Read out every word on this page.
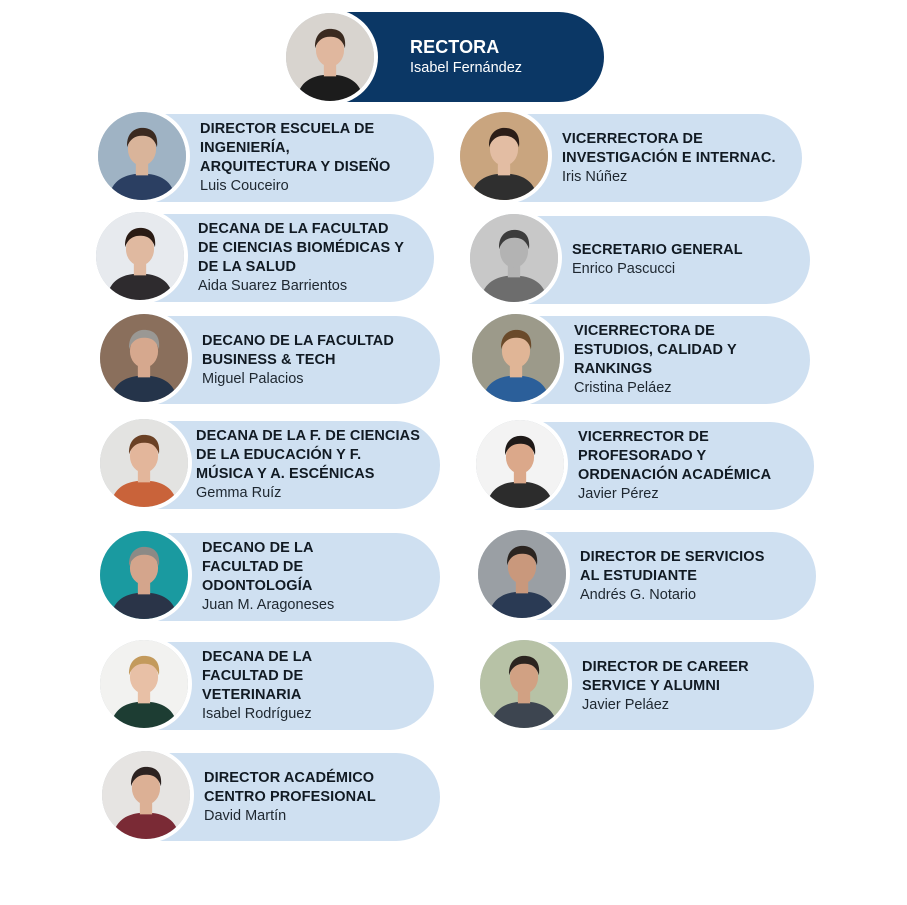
RECTORA
Isabel Fernández
DIRECTOR ESCUELA DE
INGENIERÍA,
ARQUITECTURA Y DISEÑO
Luis Couceiro
DECANA DE LA FACULTAD
DE CIENCIAS BIOMÉDICAS Y
DE LA SALUD
Aida Suarez Barrientos
DECANO DE LA FACULTAD
BUSINESS & TECH
Miguel Palacios
DECANA DE LA F. DE CIENCIAS
DE LA EDUCACIÓN Y F.
MÚSICA Y A. ESCÉNICAS
Gemma Ruíz
DECANO DE LA
FACULTAD DE
ODONTOLOGÍA
Juan M. Aragoneses
DECANA DE LA
FACULTAD DE
VETERINARIA
Isabel Rodríguez
DIRECTOR ACADÉMICO
CENTRO PROFESIONAL
David Martín
VICERRECTORA DE
INVESTIGACIÓN E INTERNAC.
Iris Núñez
SECRETARIO GENERAL
Enrico Pascucci
VICERRECTORA DE
ESTUDIOS, CALIDAD Y
RANKINGS
Cristina Peláez
VICERRECTOR DE
PROFESORADO Y
ORDENACIÓN ACADÉMICA
Javier Pérez
DIRECTOR DE SERVICIOS
AL ESTUDIANTE
Andrés G. Notario
DIRECTOR DE CAREER
SERVICE Y ALUMNI
Javier Peláez
